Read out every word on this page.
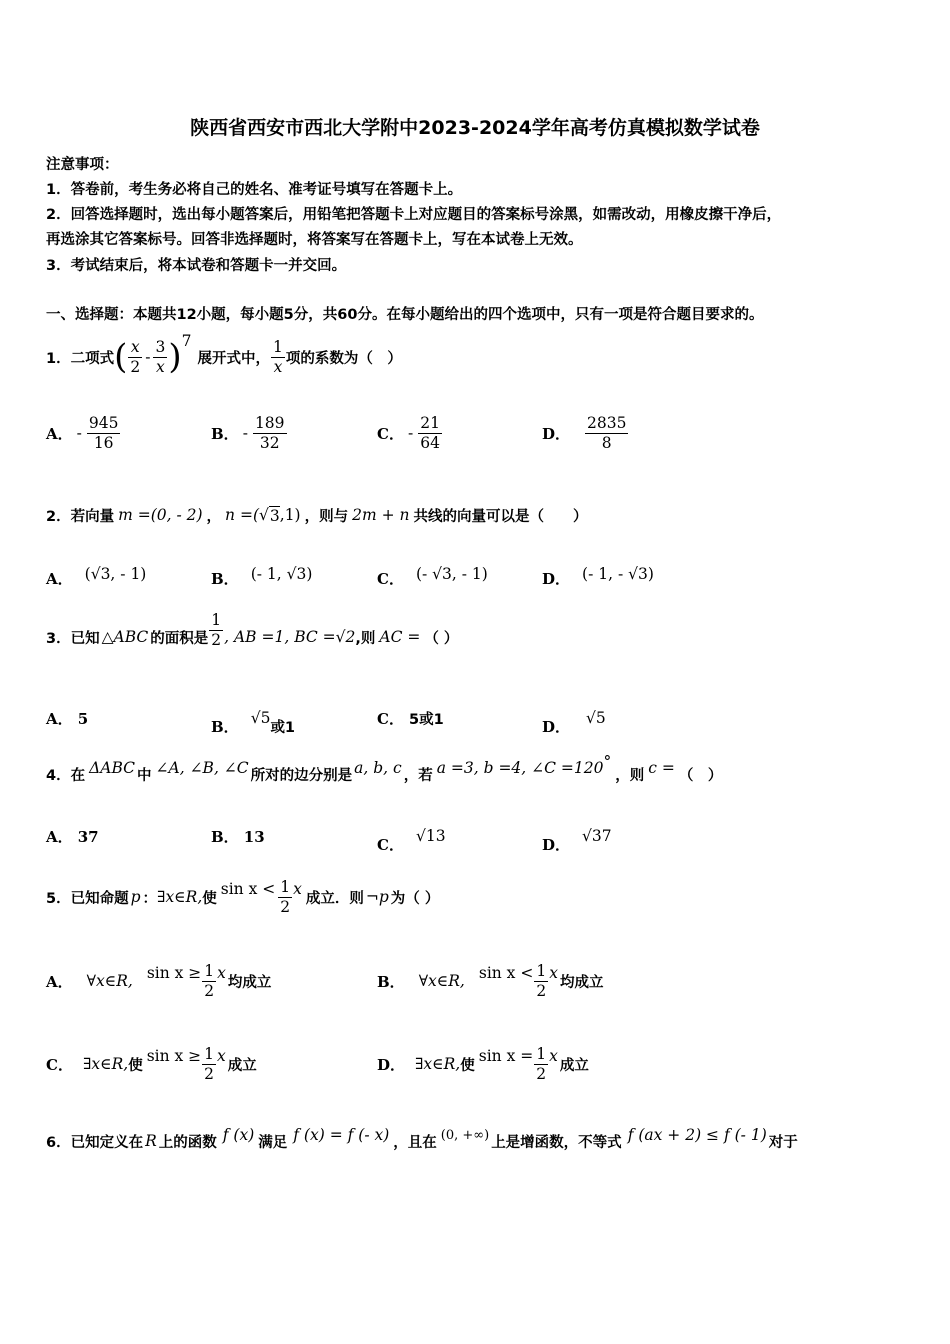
陕西省西安市西北大学附中2023-2024学年高考仿真模拟数学试卷
注意事项：
1．答卷前，考生务必将自己的姓名、准考证号填写在答题卡上。
2．回答选择题时，选出每小题答案后，用铅笔把答题卡上对应题目的答案标号涂黑，如需改动，用橡皮擦干净后，
再选涂其它答案标号。回答非选择题时，将答案写在答题卡上，写在本试卷上无效。
3．考试结束后，将本试卷和答题卡一并交回。
一、选择题：本题共12小题，每小题5分，共60分。在每小题给出的四个选项中，只有一项是符合题目要求的。
1．二项式 ( $\frac{x}{2} - \frac{3}{x}$ ) 7
展开式中， $\frac{1}{x}$ 项的系数为（　）
A． - $\frac{945}{16}$	B． - $\frac{189}{32}$	C． - $\frac{21}{64}$	D． $\frac{2835}{8}$
2．若向量 m =(0, - 2) ， n =( √ 3 ,1) ，则与 2m + n 共线的向量可以是（　　）
A． (√3, - 1)	B． (- 1, √3)	C． (- √3, - 1)	D． (- 1, - √3)
3．已知 △ABC 的面积是 $\frac{1}{2}$ , AB =1, BC =√2 ,则 AC = （ ）
A． 5	B．
√5
或1	C． 5或1	D．
√5
4．在 ΔABC 中 ∠A, ∠B, ∠C 所对的边分别是 a, b, c ，若 a =3, b =4, ∠C =120 °
，则 c = （　）
A． 37	B． 13	C．
√13
D．
√37
5．已知命题 p ： ∃x∈R, 使
$\sin x < \frac{1}{2}$ x
成立．则 ¬p 为（ ）
A． ∀x∈R, $\sin x \ge \frac{1}{2}$ x
均成立	B． ∀x∈R, $\sin x < \frac{1}{2}$ x
均成立
C． ∃x∈R, 使
$\sin x \ge \frac{1}{2}$ x
成立	D． ∃x∈R, 使
$\sin x = \frac{1}{2}$ x
成立
6．已知定义在 R 上的函数 f (x) 满足 f (x) = f (- x) ，且在 (0, +∞) 上是增函数，不等式 f (ax + 2) ≤ f (- 1) 对于
